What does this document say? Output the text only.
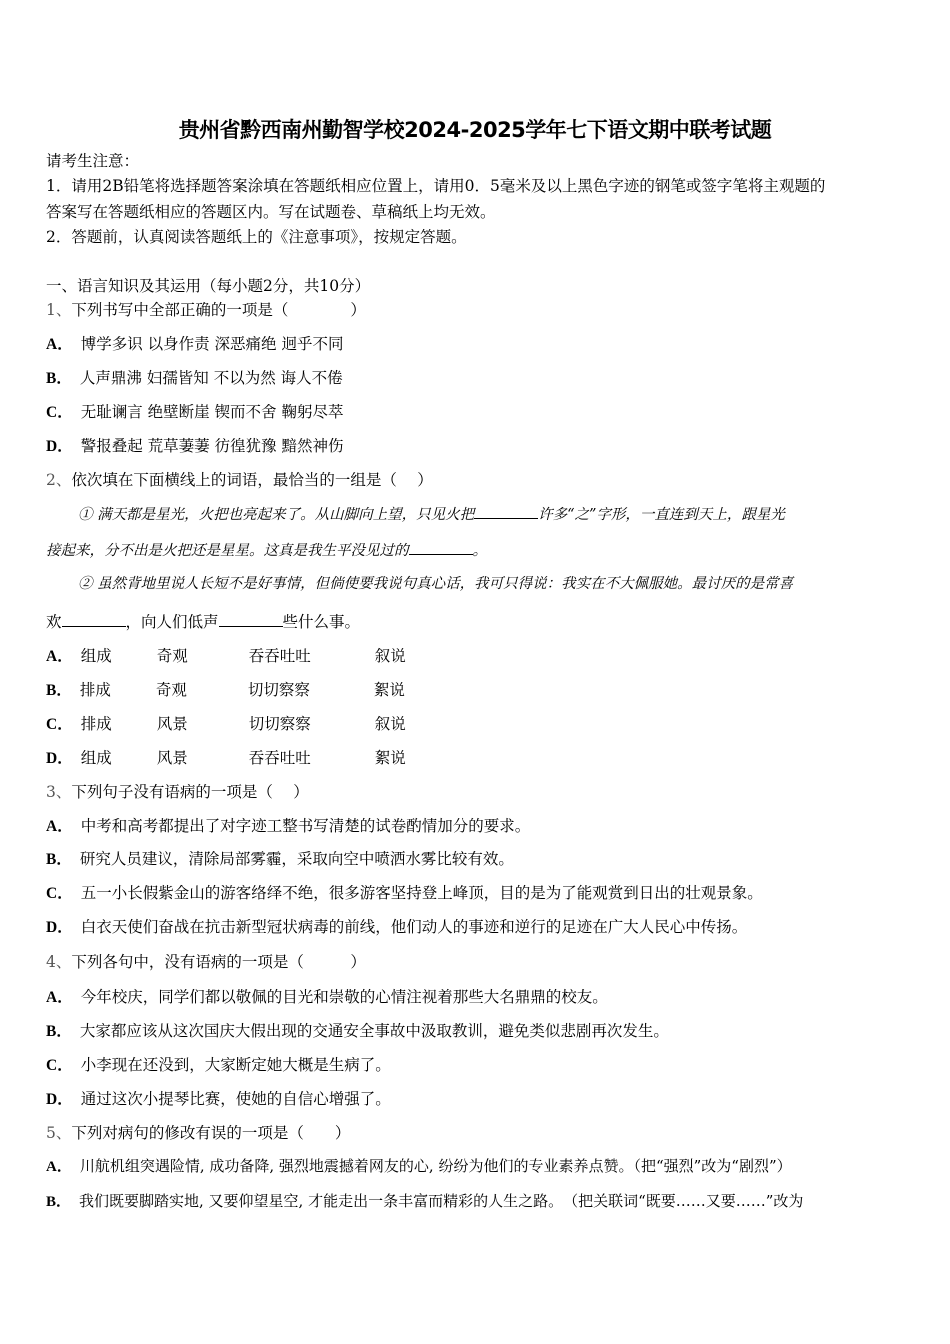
贵州省黔西南州勤智学校2024-2025学年七下语文期中联考试题
请考生注意：
1．请用2B铅笔将选择题答案涂填在答题纸相应位置上，请用0．5毫米及以上黑色字迹的钢笔或签字笔将主观题的
答案写在答题纸相应的答题区内。写在试题卷、草稿纸上均无效。
2．答题前，认真阅读答题纸上的《注意事项》，按规定答题。
一、语言知识及其运用（每小题2分，共10分）
1、下列书写中全部正确的一项是（　　　　）
A． 博学多识 以身作责 深恶痛绝 迥乎不同
B． 人声鼎沸 妇孺皆知 不以为然 诲人不倦
C． 无耻谰言 绝壁断崖 锲而不舍 鞠躬尽萃
D． 警报叠起 荒草萋萋 彷徨犹豫 黯然神伤
2、依次填在下面横线上的词语，最恰当的一组是（　 ）
① 满天都是星光，火把也亮起来了。从山脚向上望，只见火把	许多“之”字形，一直连到天上，跟星光
接起来，分不出是火把还是星星。这真是我生平没见过的	。
② 虽然背地里说人长短不是好事情，但倘使要我说句真心话，我可只得说：我实在不大佩服她。最讨厌的是常喜
欢	，向人们低声	些什么事。
A． 组成	奇观	吞吞吐吐	叙说
B． 排成	奇观	切切察察	絮说
C． 排成	风景	切切察察	叙说
D． 组成	风景	吞吞吐吐	絮说
3、下列句子没有语病的一项是（　 ）
A． 中考和高考都提出了对字迹工整书写清楚的试卷酌情加分的要求。
B． 研究人员建议，清除局部雾霾，采取向空中喷洒水雾比较有效。
C． 五一小长假紫金山的游客络绎不绝，很多游客坚持登上峰顶，目的是为了能观赏到日出的壮观景象。
D． 白衣天使们奋战在抗击新型冠状病毒的前线，他们动人的事迹和逆行的足迹在广大人民心中传扬。
4、下列各句中，没有语病的一项是（　　　）
A． 今年校庆，同学们都以敬佩的目光和崇敬的心情注视着那些大名鼎鼎的校友。
B． 大家都应该从这次国庆大假出现的交通安全事故中汲取教训，避免类似悲剧再次发生。
C． 小李现在还没到，大家断定她大概是生病了。
D． 通过这次小提琴比赛，使她的自信心增强了。
5、下列对病句的修改有误的一项是（　　）
A． 川航机组突遇险情, 成功备降, 强烈地震撼着网友的心, 纷纷为他们的专业素养点赞。（把“强烈”改为“剧烈”）
B． 我们既要脚踏实地, 又要仰望星空, 才能走出一条丰富而精彩的人生之路。　（把关联词“既要……又要……”改为
